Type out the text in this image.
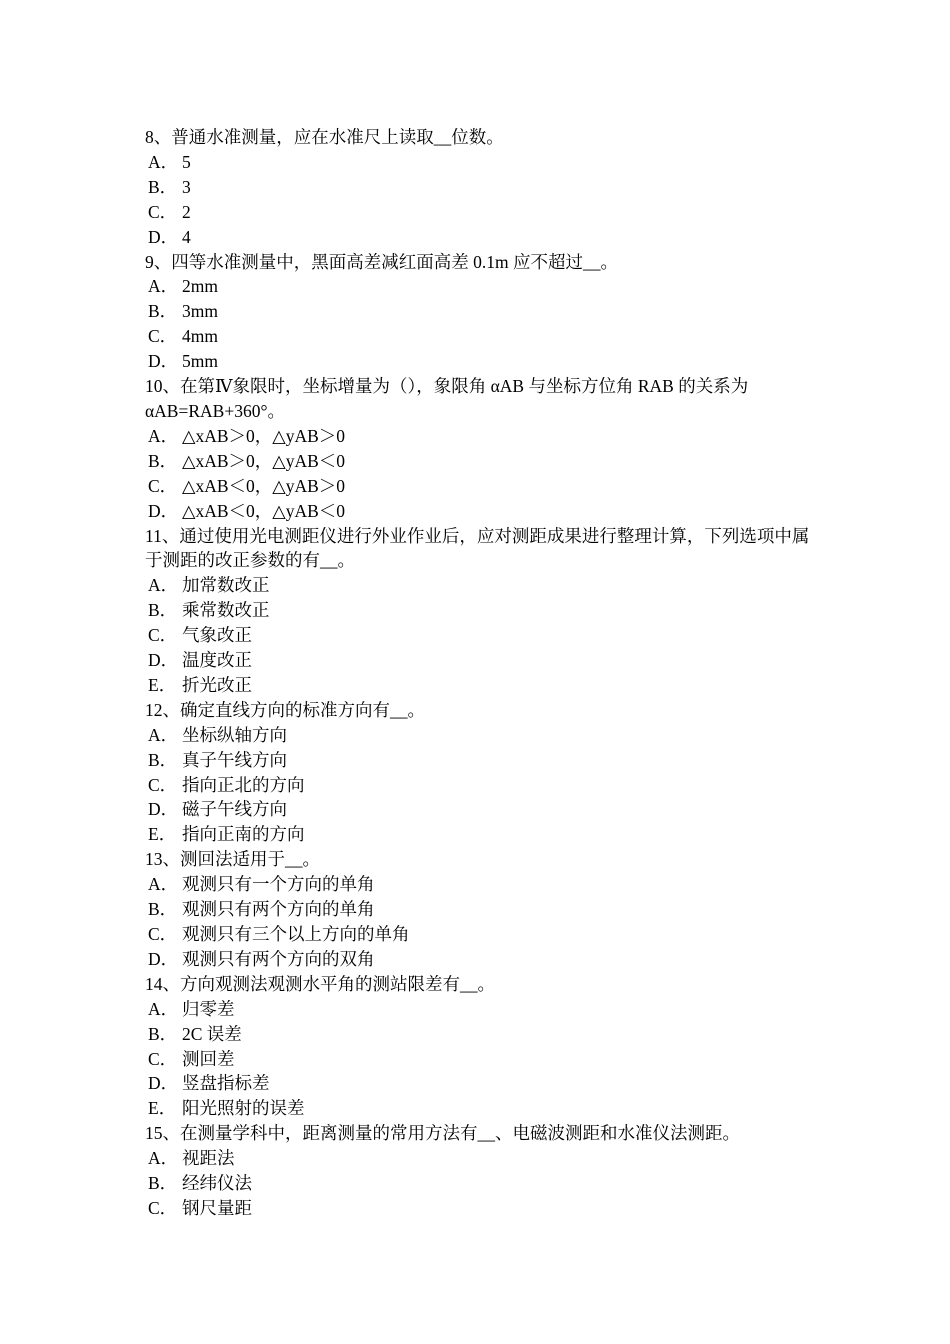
8、普通水准测量，应在水准尺上读取__位数。

A． 5
B． 3
C． 2
D． 4

9、四等水准测量中，黑面高差减红面高差 0.1m 应不超过__。

A． 2mm
B． 3mm
C． 4mm
D． 5mm

10、在第Ⅳ象限时，坐标增量为（），象限角 αAB 与坐标方位角 RAB 的关系为 αAB=RAB+360°。

A． △xAB＞0，△yAB＞0
B． △xAB＞0，△yAB＜0
C． △xAB＜0，△yAB＞0
D． △xAB＜0，△yAB＜0

11、通过使用光电测距仪进行外业作业后，应对测距成果进行整理计算，下列选项中属于测距的改正参数的有__。

A． 加常数改正
B． 乘常数改正
C． 气象改正
D． 温度改正
E． 折光改正

12、确定直线方向的标准方向有__。

A． 坐标纵轴方向
B． 真子午线方向
C． 指向正北的方向
D． 磁子午线方向
E． 指向正南的方向

13、测回法适用于__。

A． 观测只有一个方向的单角
B． 观测只有两个方向的单角
C． 观测只有三个以上方向的单角
D． 观测只有两个方向的双角

14、方向观测法观测水平角的测站限差有__。

A． 归零差
B． 2C 误差
C． 测回差
D． 竖盘指标差
E． 阳光照射的误差

15、在测量学科中，距离测量的常用方法有__、电磁波测距和水准仪法测距。

A． 视距法
B． 经纬仪法
C． 钢尺量距
